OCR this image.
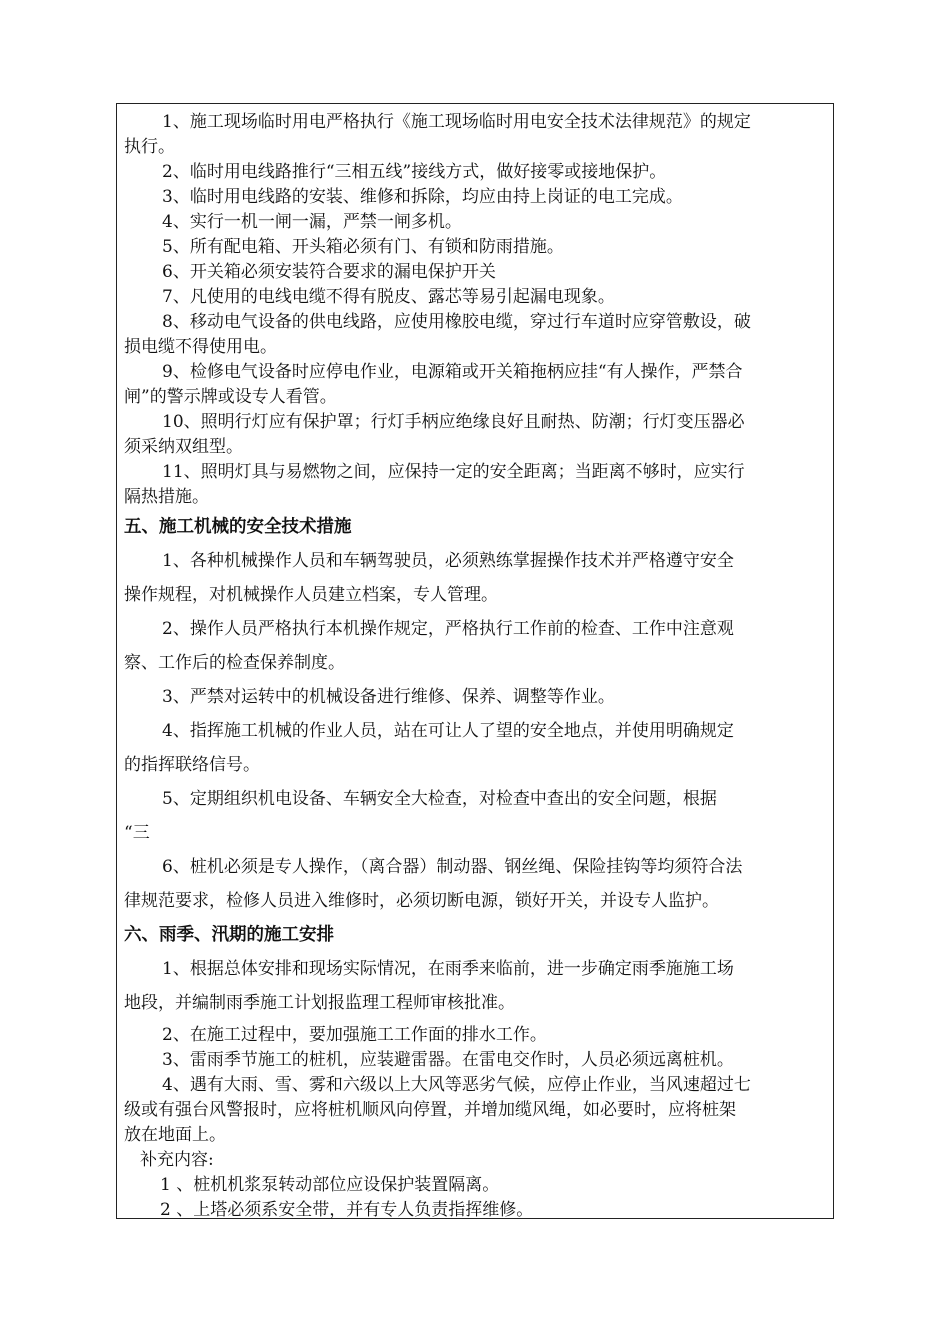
1、施工现场临时用电严格执行《施工现场临时用电安全技术法律规范》的规定

执行。

2、临时用电线路推行“三相五线”接线方式，做好接零或接地保护。

3、临时用电线路的安装、维修和拆除，均应由持上岗证的电工完成。

4、实行一机一闸一漏，严禁一闸多机。

5、所有配电箱、开头箱必须有门、有锁和防雨措施。

6、开关箱必须安装符合要求的漏电保护开关

7、凡使用的电线电缆不得有脱皮、露芯等易引起漏电现象。

8、移动电气设备的供电线路，应使用橡胶电缆，穿过行车道时应穿管敷设，破

损电缆不得使用电。

9、检修电气设备时应停电作业，电源箱或开关箱拖柄应挂“有人操作，严禁合

闸”的警示牌或设专人看管。

10、照明行灯应有保护罩；行灯手柄应绝缘良好且耐热、防潮；行灯变压器必

须采纳双组型。

11、照明灯具与易燃物之间，应保持一定的安全距离；当距离不够时，应实行

隔热措施。

五、施工机械的安全技术措施

1、各种机械操作人员和车辆驾驶员，必须熟练掌握操作技术并严格遵守安全

操作规程，对机械操作人员建立档案，专人管理。

2、操作人员严格执行本机操作规定，严格执行工作前的检查、工作中注意观

察、工作后的检查保养制度。

3、严禁对运转中的机械设备进行维修、保养、调整等作业。

4、指挥施工机械的作业人员，站在可让人了望的安全地点，并使用明确规定

的指挥联络信号。

5、定期组织机电设备、车辆安全大检查，对检查中查出的安全问题，根据

“三

6、桩机必须是专人操作，（离合器）制动器、钢丝绳、保险挂钩等均须符合法

律规范要求，检修人员进入维修时，必须切断电源，锁好开关，并设专人监护。

六、雨季、汛期的施工安排

1、根据总体安排和现场实际情况，在雨季来临前，进一步确定雨季施施工场

地段，并编制雨季施工计划报监理工程师审核批准。

2、在施工过程中，要加强施工工作面的排水工作。

3、雷雨季节施工的桩机，应装避雷器。在雷电交作时，人员必须远离桩机。

4、遇有大雨、雪、雾和六级以上大风等恶劣气候，应停止作业，当风速超过七

级或有强台风警报时，应将桩机顺风向停置，并增加缆风绳，如必要时，应将桩架

放在地面上。

补充内容:

1 、桩机机浆泵转动部位应设保护装置隔离。

2 、上塔必须系安全带，并有专人负责指挥维修。
